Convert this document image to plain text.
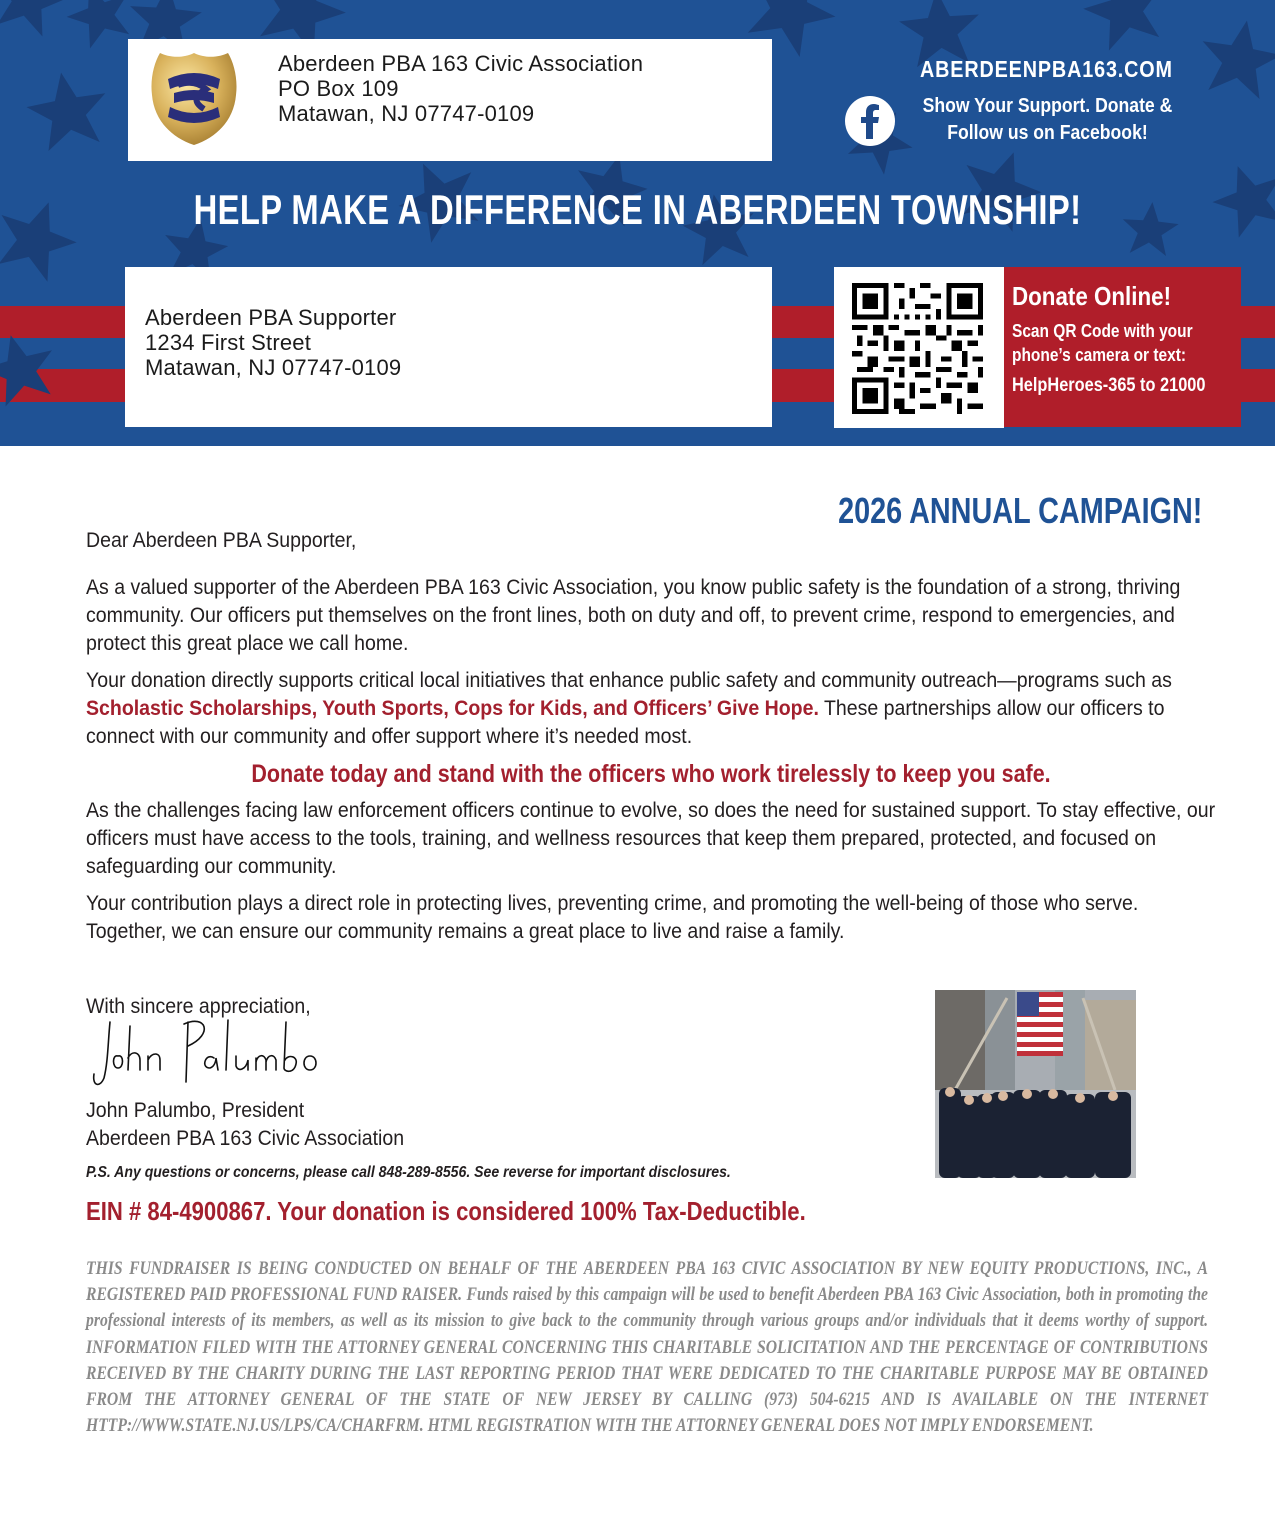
Aberdeen PBA 163 Civic Association
PO Box 109
Matawan, NJ 07747-0109
ABERDEENPBA163.COM
Show Your Support. Donate &
Follow us on Facebook!
HELP MAKE A DIFFERENCE IN ABERDEEN TOWNSHIP!
Aberdeen PBA Supporter
1234 First Street
Matawan, NJ 07747-0109
Donate Online!
Scan QR Code with your
phone’s camera or text:
HelpHeroes-365 to 21000
2026 ANNUAL CAMPAIGN!

Dear Aberdeen PBA Supporter,

As a valued supporter of the Aberdeen PBA 163 Civic Association, you know public safety is the foundation of a strong, thriving community. Our officers put themselves on the front lines, both on duty and off, to prevent crime, respond to emergencies, and protect this great place we call home.

Your donation directly supports critical local initiatives that enhance public safety and community outreach—programs such as Scholastic Scholarships, Youth Sports, Cops for Kids, and Officers’ Give Hope. These partnerships allow our officers to connect with our community and offer support where it’s needed most.

Donate today and stand with the officers who work tirelessly to keep you safe.

As the challenges facing law enforcement officers continue to evolve, so does the need for sustained support. To stay effective, our officers must have access to the tools, training, and wellness resources that keep them prepared, protected, and focused on safeguarding our community.

Your contribution plays a direct role in protecting lives, preventing crime, and promoting the well-being of those who serve. Together, we can ensure our community remains a great place to live and raise a family.

With sincere appreciation,
John Palumbo, President
Aberdeen PBA 163 Civic Association
P.S. Any questions or concerns, please call 848-289-8556. See reverse for important disclosures.
EIN # 84-4900867. Your donation is considered 100% Tax-Deductible.
THIS FUNDRAISER IS BEING CONDUCTED ON BEHALF OF THE ABERDEEN PBA 163 CIVIC ASSOCIATION BY NEW EQUITY PRODUCTIONS, INC., A REGISTERED PAID PROFESSIONAL FUND RAISER. Funds raised by this campaign will be used to benefit Aberdeen PBA 163 Civic Association, both in promoting the professional interests of its members, as well as its mission to give back to the community through various groups and/or individuals that it deems worthy of support. INFORMATION FILED WITH THE ATTORNEY GENERAL CONCERNING THIS CHARITABLE SOLICITATION AND THE PERCENTAGE OF CONTRIBUTIONS RECEIVED BY THE CHARITY DURING THE LAST REPORTING PERIOD THAT WERE DEDICATED TO THE CHARITABLE PURPOSE MAY BE OBTAINED FROM THE ATTORNEY GENERAL OF THE STATE OF NEW JERSEY BY CALLING (973) 504-6215 AND IS AVAILABLE ON THE INTERNET HTTP://WWW.STATE.NJ.US/LPS/CA/CHARFRM. HTML REGISTRATION WITH THE ATTORNEY GENERAL DOES NOT IMPLY ENDORSEMENT.
